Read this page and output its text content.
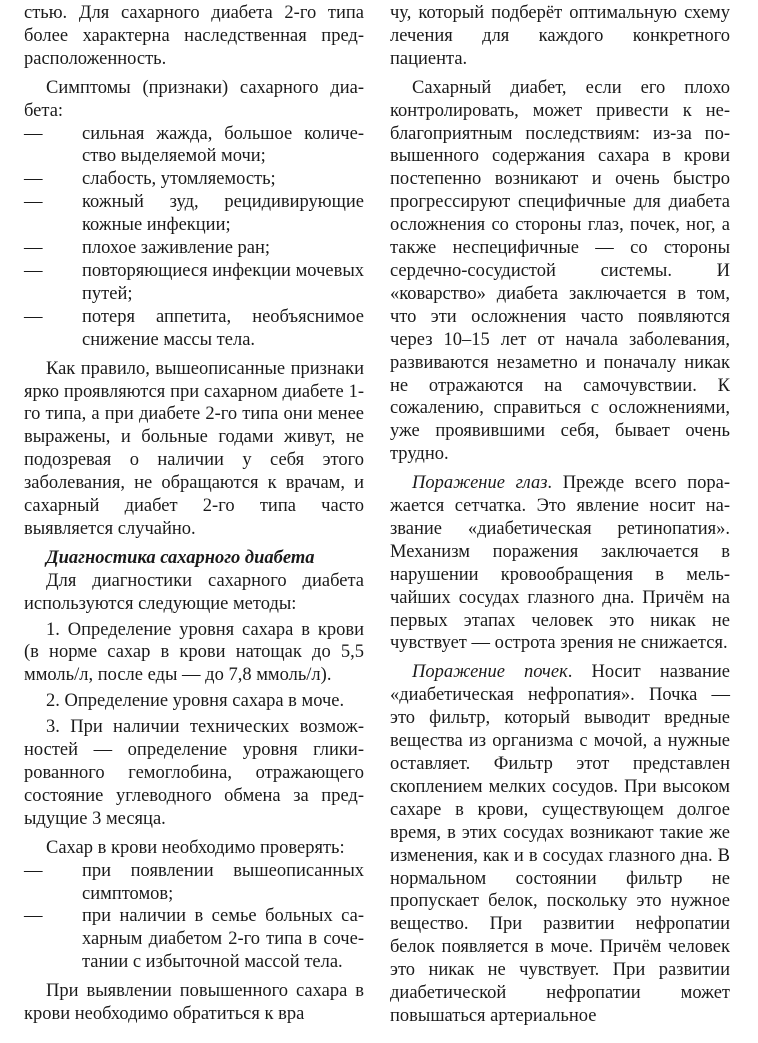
стью. Для сахарного диабета 2-го типа более характерна наследственная предрасположенность.

Симптомы (признаки) сахарного диабета:

— сильная жажда, большое количество выделяемой мочи;
— слабость, утомляемость;
— кожный зуд, рецидивирующие кожные инфекции;
— плохое заживление ран;
— повторяющиеся инфекции мочевых путей;
— потеря аппетита, необъяснимое снижение массы тела.

Как правило, вышеописанные признаки ярко проявляются при сахарном диабете 1-го типа, а при диабете 2-го типа они менее выражены, и больные годами живут, не подозревая о наличии у себя этого заболевания, не обращаются к врачам, и сахарный диабет 2-го типа часто выявляется случайно.

Диагностика сахарного диабета

Для диагностики сахарного диабета используются следующие методы:

1. Определение уровня сахара в крови (в норме сахар в крови натощак до 5,5 ммоль/л, после еды — до 7,8 ммоль/л).

2. Определение уровня сахара в моче.

3. При наличии технических возможностей — определение уровня гликированного гемоглобина, отражающего состояние углеводного обмена за предыдущие 3 месяца.

Сахар в крови необходимо проверять:

— при появлении вышеописанных симптомов;
— при наличии в семье больных сахарным диабетом 2-го типа в сочетании с избыточной массой тела.

При выявлении повышенного сахара в крови необходимо обратиться к вра

чу, который подберёт оптимальную схему лечения для каждого конкретного пациента.

Сахарный диабет, если его плохо контролировать, может привести к неблагоприятным последствиям: из-за повышенного содержания сахара в крови постепенно возникают и очень быстро прогрессируют специфичные для диабета осложнения со стороны глаз, почек, ног, а также неспецифичные — со стороны сердечно-сосудистой системы. И «коварство» диабета заключается в том, что эти осложнения часто появляются через 10–15 лет от начала заболевания, развиваются незаметно и поначалу никак не отражаются на самочувствии. К сожалению, справиться с осложнениями, уже проявившими себя, бывает очень трудно.

Поражение глаз. Прежде всего поражается сетчатка. Это явление носит название «диабетическая ретинопатия». Механизм поражения заключается в нарушении кровообращения в мельчайших сосудах глазного дна. Причём на первых этапах человек это никак не чувствует — острота зрения не снижается.

Поражение почек. Носит название «диабетическая нефропатия». Почка — это фильтр, который выводит вредные вещества из организма с мочой, а нужные оставляет. Фильтр этот представлен скоплением мелких сосудов. При высоком сахаре в крови, существующем долгое время, в этих сосудах возникают такие же изменения, как и в сосудах глазного дна. В нормальном состоянии фильтр не пропускает белок, поскольку это нужное вещество. При развитии нефропатии белок появляется в моче. Причём человек это никак не чувствует. При развитии диабетической нефропатии может повышаться артериальное
